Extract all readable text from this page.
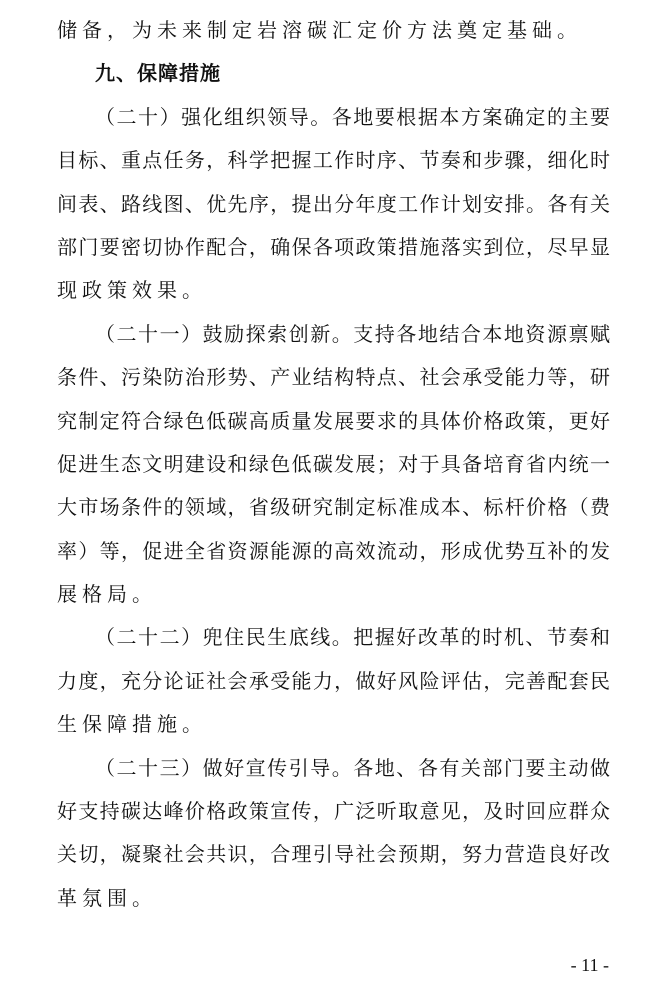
储备，为未来制定岩溶碳汇定价方法奠定基础。
九、保障措施
（二十）强化组织领导。各地要根据本方案确定的主要
目标、重点任务，科学把握工作时序、节奏和步骤，细化时
间表、路线图、优先序，提出分年度工作计划安排。各有关
部门要密切协作配合，确保各项政策措施落实到位，尽早显
现政策效果。
（二十一）鼓励探索创新。支持各地结合本地资源禀赋
条件、污染防治形势、产业结构特点、社会承受能力等，研
究制定符合绿色低碳高质量发展要求的具体价格政策，更好
促进生态文明建设和绿色低碳发展；对于具备培育省内统一
大市场条件的领域，省级研究制定标准成本、标杆价格（费
率）等，促进全省资源能源的高效流动，形成优势互补的发
展格局。
（二十二）兜住民生底线。把握好改革的时机、节奏和
力度，充分论证社会承受能力，做好风险评估，完善配套民
生保障措施。
（二十三）做好宣传引导。各地、各有关部门要主动做
好支持碳达峰价格政策宣传，广泛听取意见，及时回应群众
关切，凝聚社会共识，合理引导社会预期，努力营造良好改
革氛围。
- 11 -
